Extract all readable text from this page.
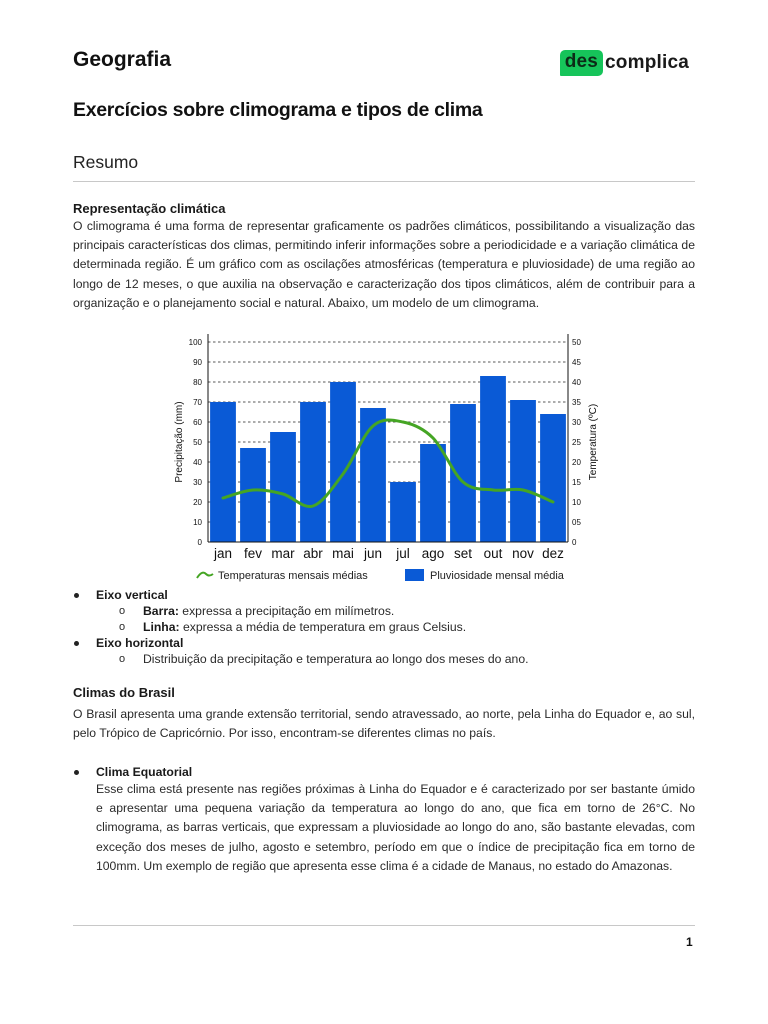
Geografia	des complica
Exercícios sobre climograma e tipos de clima
Resumo
Representação climática
O climograma é uma forma de representar graficamente os padrões climáticos, possibilitando a visualização das principais características dos climas, permitindo inferir informações sobre a periodicidade e a variação climática de determinada região. É um gráfico com as oscilações atmosféricas (temperatura e pluviosidade) de uma região ao longo de 12 meses, o que auxilia na observação e caracterização dos tipos climáticos, além de contribuir para a organização e o planejamento social e natural. Abaixo, um modelo de um climograma.
0
10
20
30
40
50
60
70
80
90
100
0
05
10
15
20
25
30
35
40
45
50
jan fev mar abr mai jun jul ago set out nov dez
Precipitação (mm)	Temperatura (ºC)
Temperaturas mensais médias	Pluviosidade mensal média
Eixo vertical
o Barra: expressa a precipitação em milímetros.
o Linha: expressa a média de temperatura em graus Celsius.
Eixo horizontal
o Distribuição da precipitação e temperatura ao longo dos meses do ano.
Climas do Brasil
O Brasil apresenta uma grande extensão territorial, sendo atravessado, ao norte, pela Linha do Equador e, ao sul, pelo Trópico de Capricórnio. Por isso, encontram-se diferentes climas no país.
Clima Equatorial
Esse clima está presente nas regiões próximas à Linha do Equador e é caracterizado por ser bastante úmido e apresentar uma pequena variação da temperatura ao longo do ano, que fica em torno de 26°C. No climograma, as barras verticais, que expressam a pluviosidade ao longo do ano, são bastante elevadas, com exceção dos meses de julho, agosto e setembro, período em que o índice de precipitação fica em torno de 100mm. Um exemplo de região que apresenta esse clima é a cidade de Manaus, no estado do Amazonas.
1
